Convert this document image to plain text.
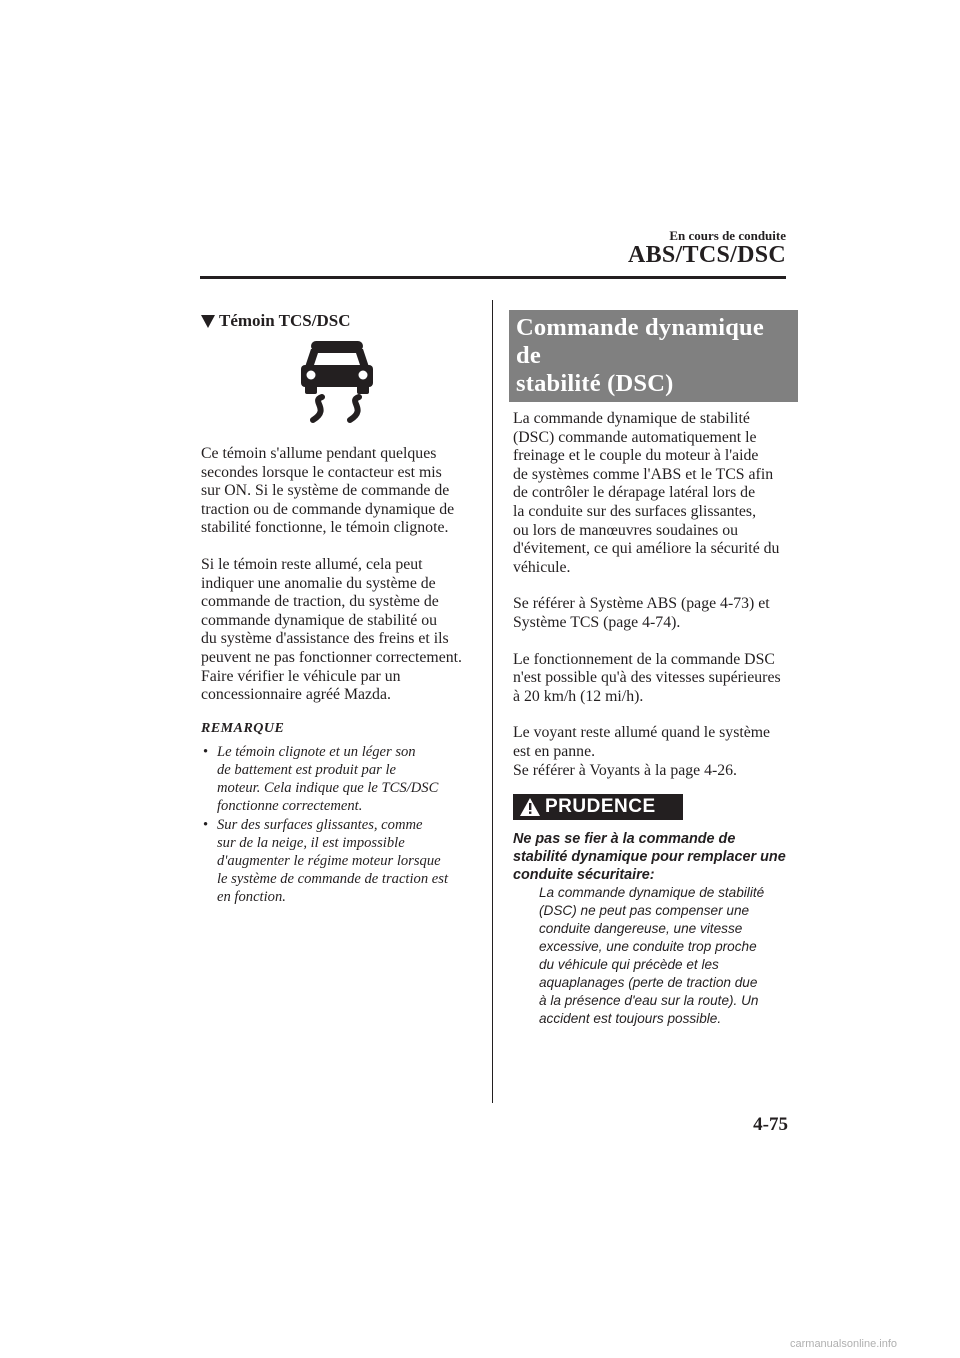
En cours de conduite
ABS/TCS/DSC
Témoin TCS/DSC

Ce témoin s'allume pendant quelques
secondes lorsque le contacteur est mis
sur ON. Si le système de commande de
traction ou de commande dynamique de
stabilité fonctionne, le témoin clignote.

Si le témoin reste allumé, cela peut
indiquer une anomalie du système de
commande de traction, du système de
commande dynamique de stabilité ou
du système d'assistance des freins et ils
peuvent ne pas fonctionner correctement.
Faire vérifier le véhicule par un
concessionnaire agréé Mazda.

REMARQUE
• Le témoin clignote et un léger son
de battement est produit par le
moteur. Cela indique que le TCS/DSC
fonctionne correctement.
• Sur des surfaces glissantes, comme
sur de la neige, il est impossible
d'augmenter le régime moteur lorsque
le système de commande de traction est
en fonction.
Commande dynamique de
stabilité (DSC)

La commande dynamique de stabilité
(DSC) commande automatiquement le
freinage et le couple du moteur à l'aide
de systèmes comme l'ABS et le TCS afin
de contrôler le dérapage latéral lors de
la conduite sur des surfaces glissantes,
ou lors de manœuvres soudaines ou
d'évitement, ce qui améliore la sécurité du
véhicule.

Se référer à Système ABS (page 4-73) et
Système TCS (page 4-74).

Le fonctionnement de la commande DSC
n'est possible qu'à des vitesses supérieures
à 20 km/h (12 mi/h).

Le voyant reste allumé quand le système
est en panne.
Se référer à Voyants à la page 4-26.

PRUDENCE
Ne pas se fier à la commande de
stabilité dynamique pour remplacer une
conduite sécuritaire:
La commande dynamique de stabilité
(DSC) ne peut pas compenser une
conduite dangereuse, une vitesse
excessive, une conduite trop proche
du véhicule qui précède et les
aquaplanages (perte de traction due
à la présence d'eau sur la route). Un
accident est toujours possible.
4-75
carmanualsonline.info
